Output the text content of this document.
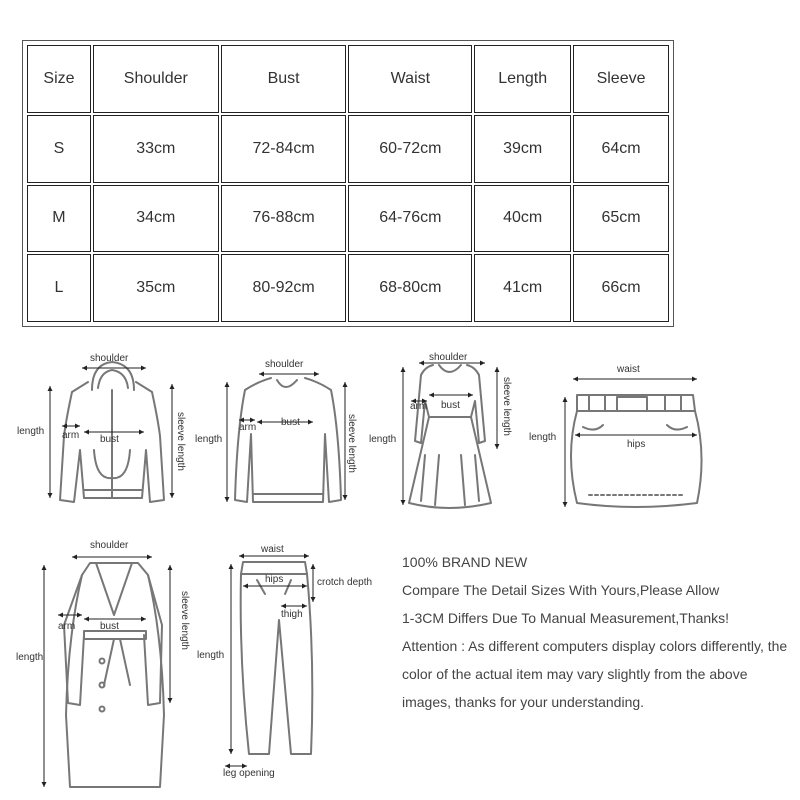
Size	Shoulder	Bust	Waist	Length	Sleeve
S	33cm	72-84cm	60-72cm	39cm	64cm
M	34cm	76-88cm	64-76cm	40cm	65cm
L	35cm	80-92cm	68-80cm	41cm	66cm
shoulder
length arm bust	sleeve length
shoulder
length
arm bust	sleeve length
shoulder
length
arm bust	sleeve length
waist
length
hips
shoulder
length
arm bust	sleeve length
waist
hips	crotch depth
thigh
length
leg opening

100% BRAND NEW

Compare The Detail Sizes With Yours,Please Allow

1-3CM Differs Due To Manual Measurement,Thanks!

Attention : As different computers display colors differently, the color of the actual item may vary slightly from the above images, thanks for your understanding.
